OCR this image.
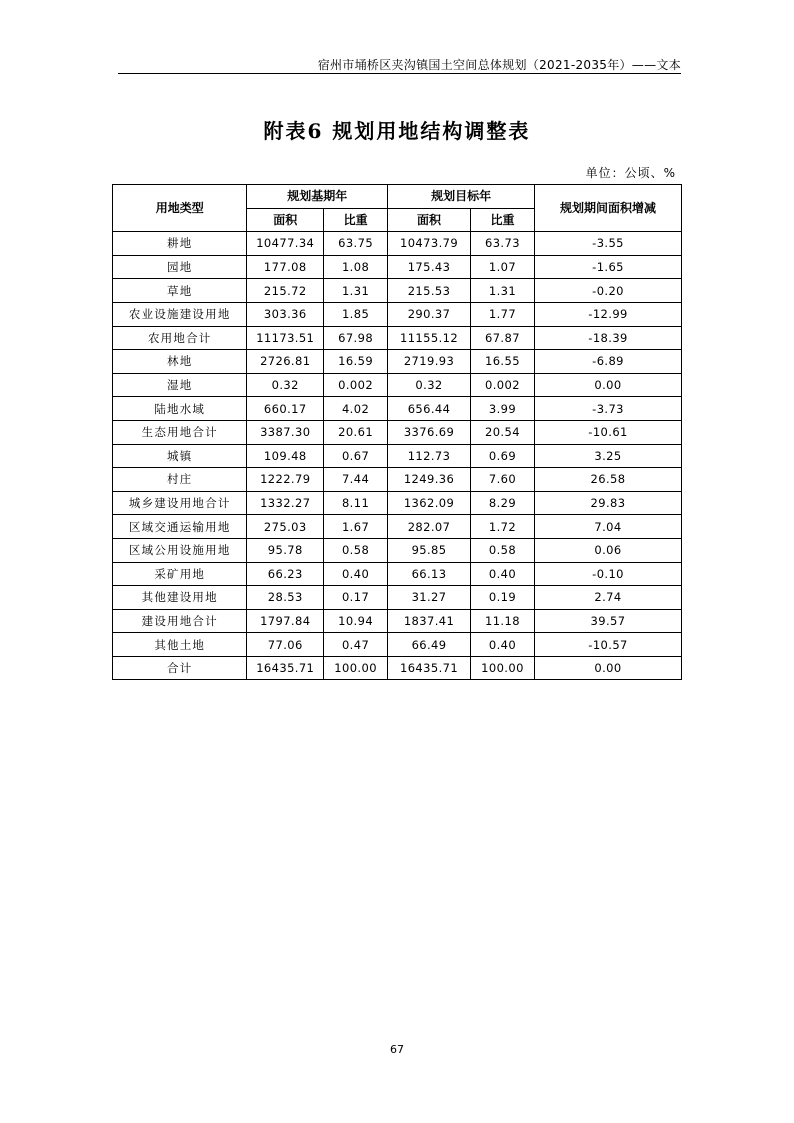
宿州市埇桥区夹沟镇国土空间总体规划（2021-2035年）——文本
附表6 规划用地结构调整表
单位：公顷、%
用地类型	规划基期年		规划目标年		规划期间面积增减
	面积	比重	面积	比重	
耕地	10477.34	63.75	10473.79	63.73	-3.55
园地	177.08	1.08	175.43	1.07	-1.65
草地	215.72	1.31	215.53	1.31	-0.20
农业设施建设用地	303.36	1.85	290.37	1.77	-12.99
农用地合计	11173.51	67.98	11155.12	67.87	-18.39
林地	2726.81	16.59	2719.93	16.55	-6.89
湿地	0.32	0.002	0.32	0.002	0.00
陆地水域	660.17	4.02	656.44	3.99	-3.73
生态用地合计	3387.30	20.61	3376.69	20.54	-10.61
城镇	109.48	0.67	112.73	0.69	3.25
村庄	1222.79	7.44	1249.36	7.60	26.58
城乡建设用地合计	1332.27	8.11	1362.09	8.29	29.83
区域交通运输用地	275.03	1.67	282.07	1.72	7.04
区域公用设施用地	95.78	0.58	95.85	0.58	0.06
采矿用地	66.23	0.40	66.13	0.40	-0.10
其他建设用地	28.53	0.17	31.27	0.19	2.74
建设用地合计	1797.84	10.94	1837.41	11.18	39.57
其他土地	77.06	0.47	66.49	0.40	-10.57
合计	16435.71	100.00	16435.71	100.00	0.00
67
